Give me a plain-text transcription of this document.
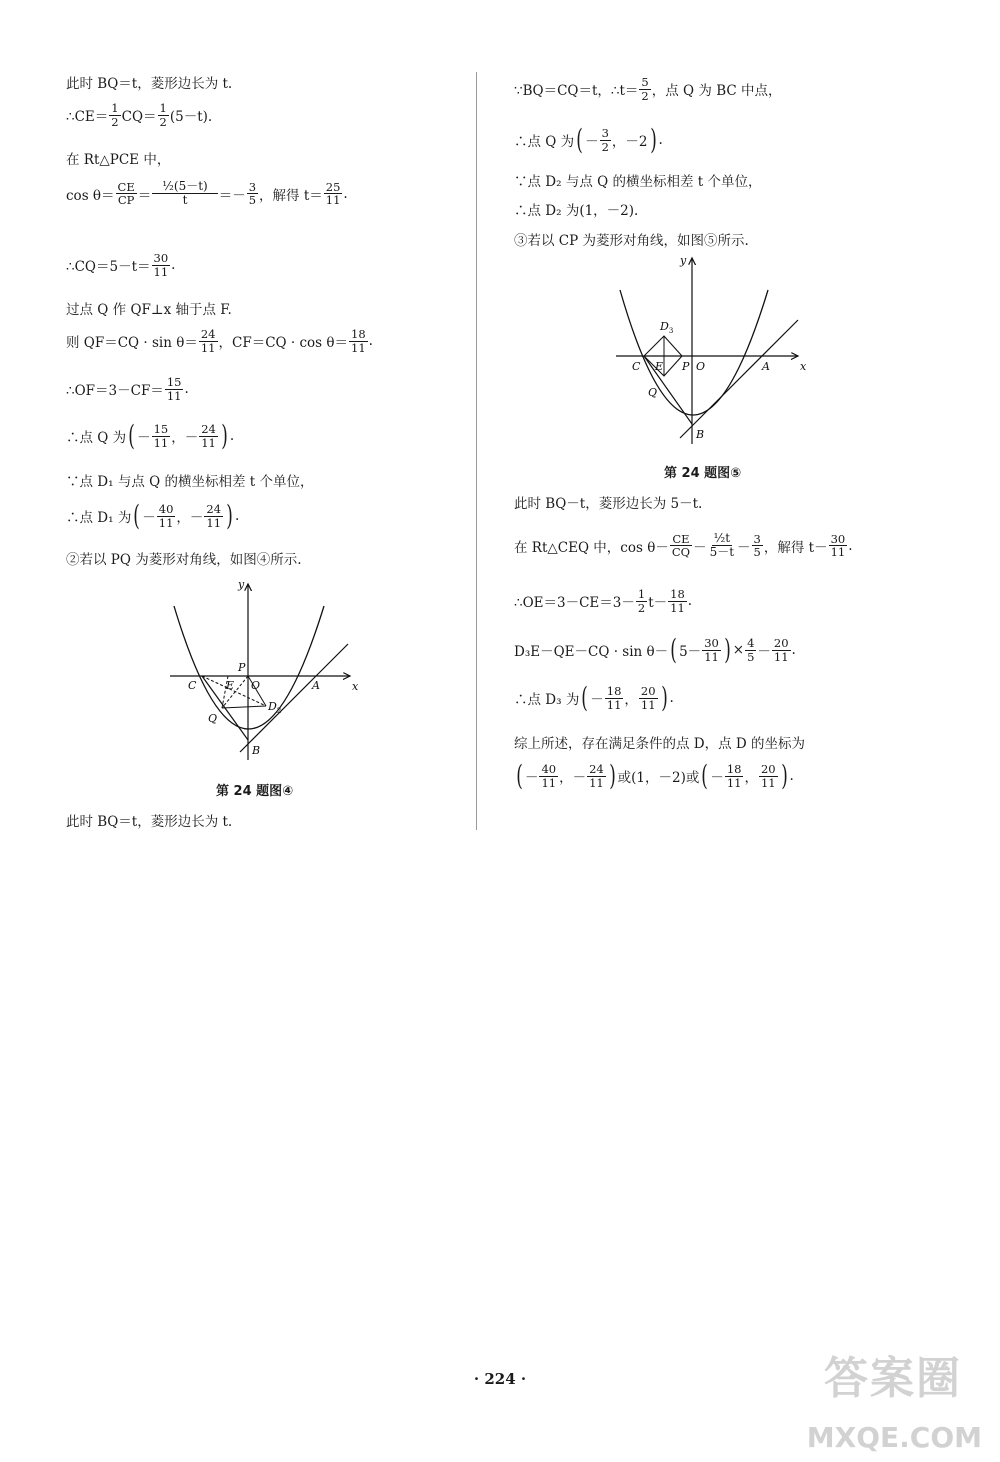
此时 BQ＝t，菱形边长为 t.
∴CE＝ $\frac{1}{2} CQ= \frac{1}{2} (5-t)$.
在 Rt△PCE 中，
$\cos \theta= \frac{CE}{CP} = \frac{\text{½(5－t)}}{t} =- \frac{3}{5}$ ，解得 $t= \frac{25}{11}$ .
∴CQ＝5－t＝ $\frac{30}{11}$ .
过点 Q 作 QF⊥x 轴于点 F.
则 $QF=CQ \cdot \sin \theta= \frac{24}{11}$ ，$CF=CQ \cdot \cos \theta= \frac{18}{11}$ .
∴OF＝3－CF＝ $\frac{15}{11}$ .
∴点 Q 为 ( － $\frac{15}{11}$ ，－ $\frac{24}{11}$ ) .
∵点 D₁ 与点 Q 的横坐标相差 t 个单位，
∴点 D₁ 为 ( － $\frac{40}{11}$ ，－ $\frac{24}{11}$ ) .
②若以 PQ 为菱形对角线，如图④所示.
y
x
P
C	E O	A
$D_2$
Q
B
第 24 题图④
此时 BQ＝t，菱形边长为 t.
∵BQ＝CQ＝t，∴t＝ $\frac{5}{2}$ ，点 Q 为 BC 中点，
∴点 Q 为 ( － $\frac{3}{2}$ ，－2 ) .
∵点 D₂ 与点 Q 的横坐标相差 t 个单位，
∴点 D₂ 为(1，－2).
③若以 CP 为菱形对角线，如图⑤所示.
y
x
$D_3$
C E P O	A
Q
B
第 24 题图⑤
此时 BQ－t，菱形边长为 5－t.
在 Rt△CEQ 中，$\cos \theta- \frac{CE}{CQ} - \frac{\text{½t}}{5-t} - \frac{3}{5}$ ，解得 $t- \frac{30}{11}$ .
∴OE＝3－CE＝3－ $\frac{1}{2} t- \frac{18}{11}$ .
D₃E－QE－CQ · sin θ－ ( $5- \frac{30}{11}$ ) × $\frac{4}{5} - \frac{20}{11}$ .
∴点 D₃ 为 ( － $\frac{18}{11}$ ， $\frac{20}{11}$ ) .
综上所述，存在满足条件的点 D，点 D 的坐标为
( － $\frac{40}{11}$ ，－ $\frac{24}{11}$ ) 或(1，－2)或 ( － $\frac{18}{11}$ ， $\frac{20}{11}$ ) .
· 224 ·	答案圈
MXQE.COM
